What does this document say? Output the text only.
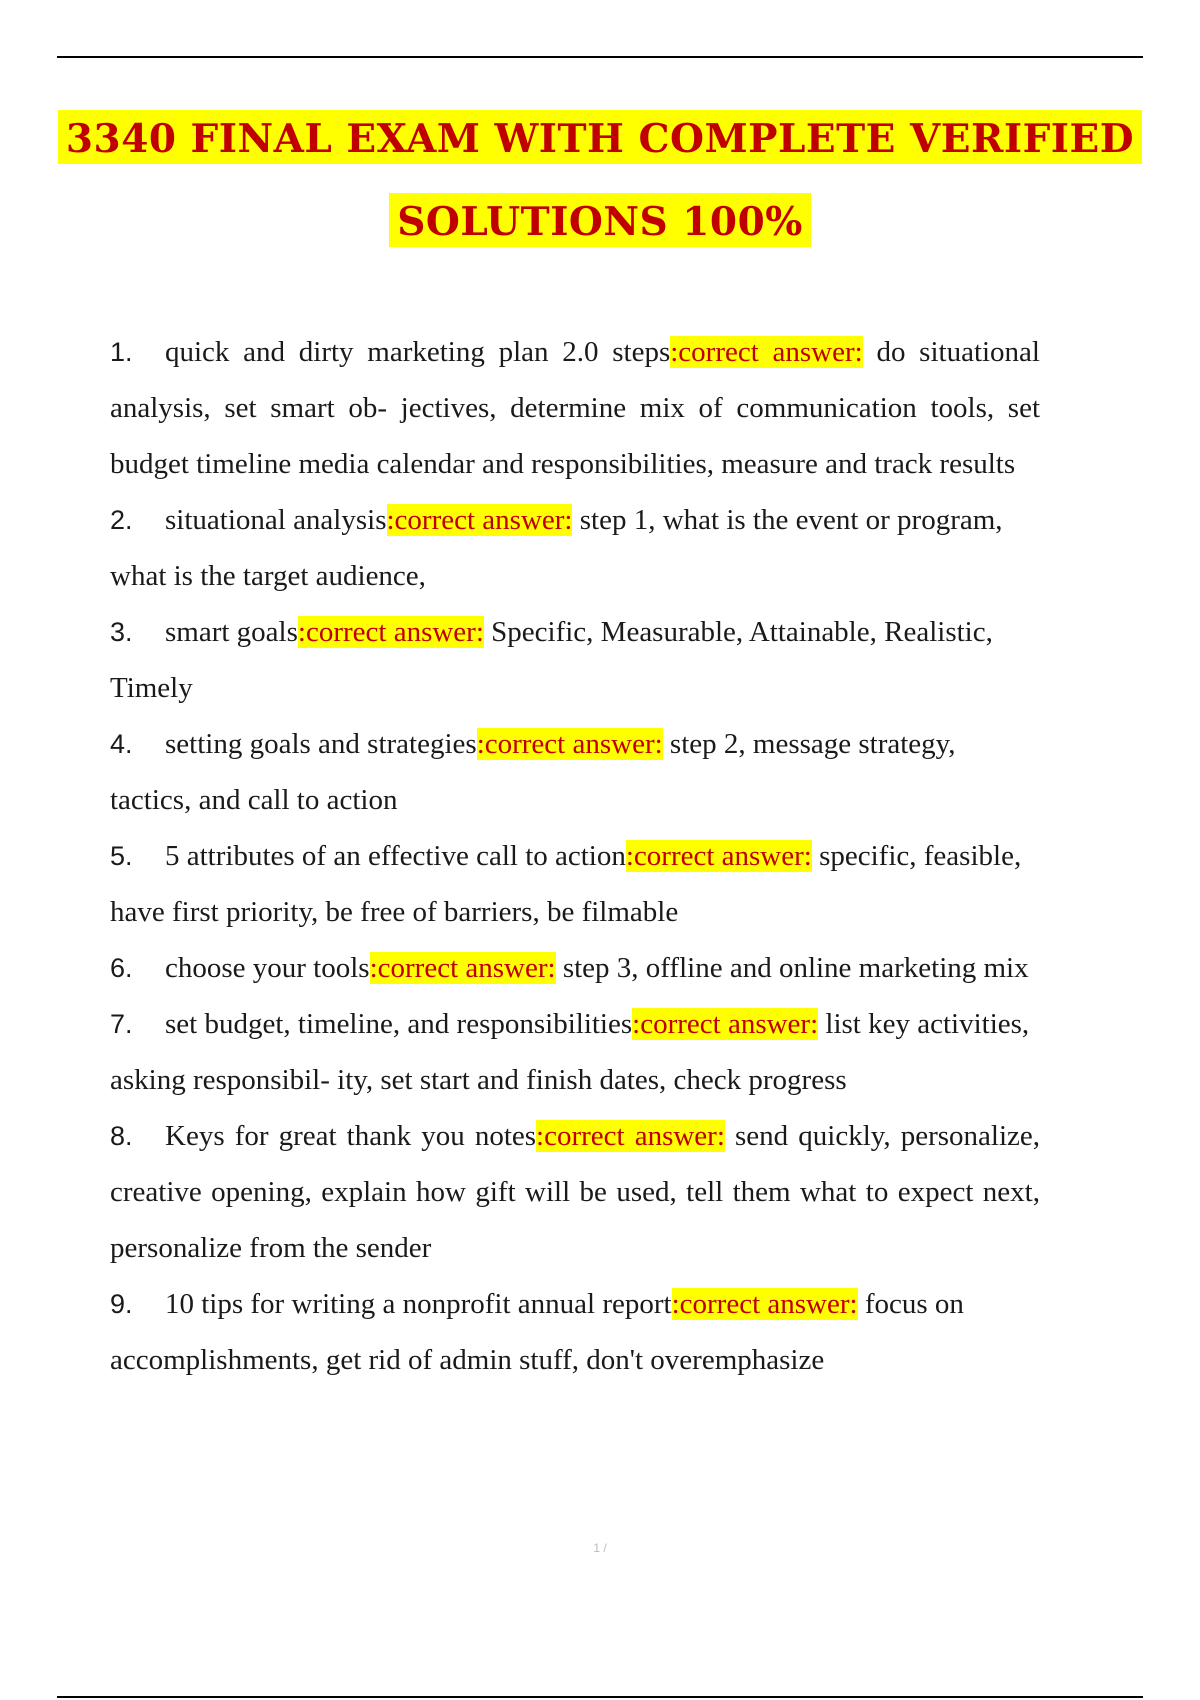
3340 FINAL EXAM WITH COMPLETE VERIFIED
SOLUTIONS 100%
1. quick and dirty marketing plan 2.0 steps:correct answer: do situational analysis, set smart ob- jectives, determine mix of communication tools, set budget timeline media calendar and responsibilities, measure and track results
2. situational analysis:correct answer: step 1, what is the event or program, what is the target audience,
3. smart goals:correct answer: Specific, Measurable, Attainable, Realistic, Timely
4. setting goals and strategies:correct answer: step 2, message strategy, tactics, and call to action
5. 5 attributes of an effective call to action:correct answer: specific, feasible, have first priority, be free of barriers, be filmable
6. choose your tools:correct answer: step 3, offline and online marketing mix
7. set budget, timeline, and responsibilities:correct answer: list key activities, asking responsibil- ity, set start and finish dates, check progress
8. Keys for great thank you notes:correct answer: send quickly, personalize, creative opening, explain how gift will be used, tell them what to expect next, personalize from the sender
9. 10 tips for writing a nonprofit annual report:correct answer: focus on accomplishments, get rid of admin stuff, don't overemphasize
1 /
